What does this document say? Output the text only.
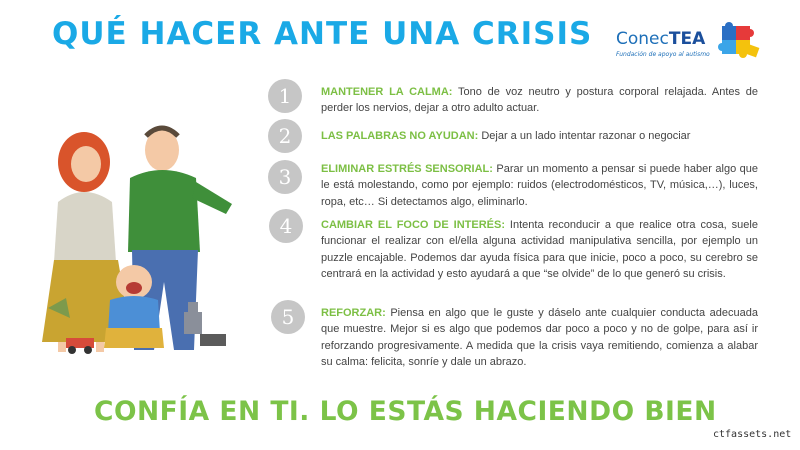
QUÉ HACER ANTE UNA CRISIS ConecTEA
Fundación de apoyo al autismo
1	MANTENER LA CALMA: Tono de voz neutro y postura corporal relajada. Antes de perder los nervios, dejar a otro adulto actuar.
2	LAS PALABRAS NO AYUDAN: Dejar a un lado intentar razonar o negociar
3	ELIMINAR ESTRÉS SENSORIAL: Parar un momento a pensar si puede haber algo que le está molestando, como por ejemplo: ruidos (electrodomésticos, TV, música,…), luces, ropa, etc… Si detectamos algo, eliminarlo.
4	CAMBIAR EL FOCO DE INTERÉS: Intenta reconducir a que realice otra cosa, suele funcionar el realizar con el/ella alguna actividad manipulativa sencilla, por ejemplo un puzzle encajable. Podemos dar ayuda física para que inicie, poco a poco, su cerebro se centrará en la actividad y esto ayudará a que “se olvide” de lo que generó su crisis.
5	REFORZAR: Piensa en algo que le guste y dáselo ante cualquier conducta adecuada que muestre. Mejor si es algo que podemos dar poco a poco y no de golpe, para así ir reforzando progresivamente. A medida que la crisis vaya remitiendo, comienza a alabar su calma: felicita, sonríe y dale un abrazo.
CONFÍA EN TI. LO ESTÁS HACIENDO BIEN
ctfassets.net
